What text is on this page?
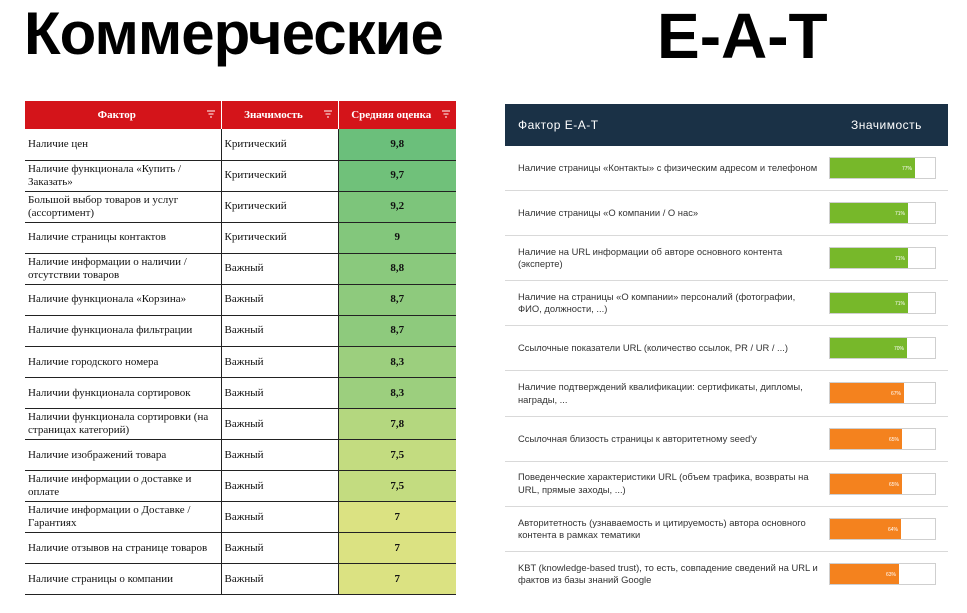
Коммерческие	E-A-T
Фактор	Значимость	Средняя оценка

Наличие цен	Критический	9,8
Наличие функционала «Купить / Заказать»	Критический	9,7
Большой выбор товаров и услуг (ассортимент)	Критический	9,2
Наличие страницы контактов	Критический	9
Наличие информации о наличии / отсутствии товаров	Важный	8,8
Наличие функционала «Корзина»	Важный	8,7
Наличие функционала фильтрации	Важный	8,7
Наличие городского номера	Важный	8,3
Наличии функционала сортировок	Важный	8,3
Наличии функционала сортировки (на страницах категорий)	Важный	7,8
Наличие изображений товара	Важный	7,5
Наличие информации о доставке и оплате	Важный	7,5
Наличие информации о Доставке / Гарантиях	Важный	7
Наличие отзывов на странице товаров	Важный	7
Наличие страницы о компании	Важный	7
Фактор E-A-T	Значимость
Наличие страницы «Контакты» с физическим адресом и телефоном	77%
Наличие страницы «О компании / О нас»	71%
Наличие на URL информации об авторе основного контента (эксперте)	71%
Наличие на страницы «О компании» персоналий (фотографии, ФИО, должности, ...)	71%
Ссылочные показатели URL (количество ссылок, PR / UR / ...)	70%
Наличие подтверждений квалификации: сертификаты, дипломы, награды, ...	67%
Ссылочная близость страницы к авторитетному seed'у	65%
Поведенческие характеристики URL (объем трафика, возвраты на URL, прямые заходы, ...)	65%
Авторитетность (узнаваемость и цитируемость) автора основного контента в рамках тематики	64%
KBT (knowledge-based trust), то есть, совпадение сведений на URL и фактов из базы знаний Google	63%
